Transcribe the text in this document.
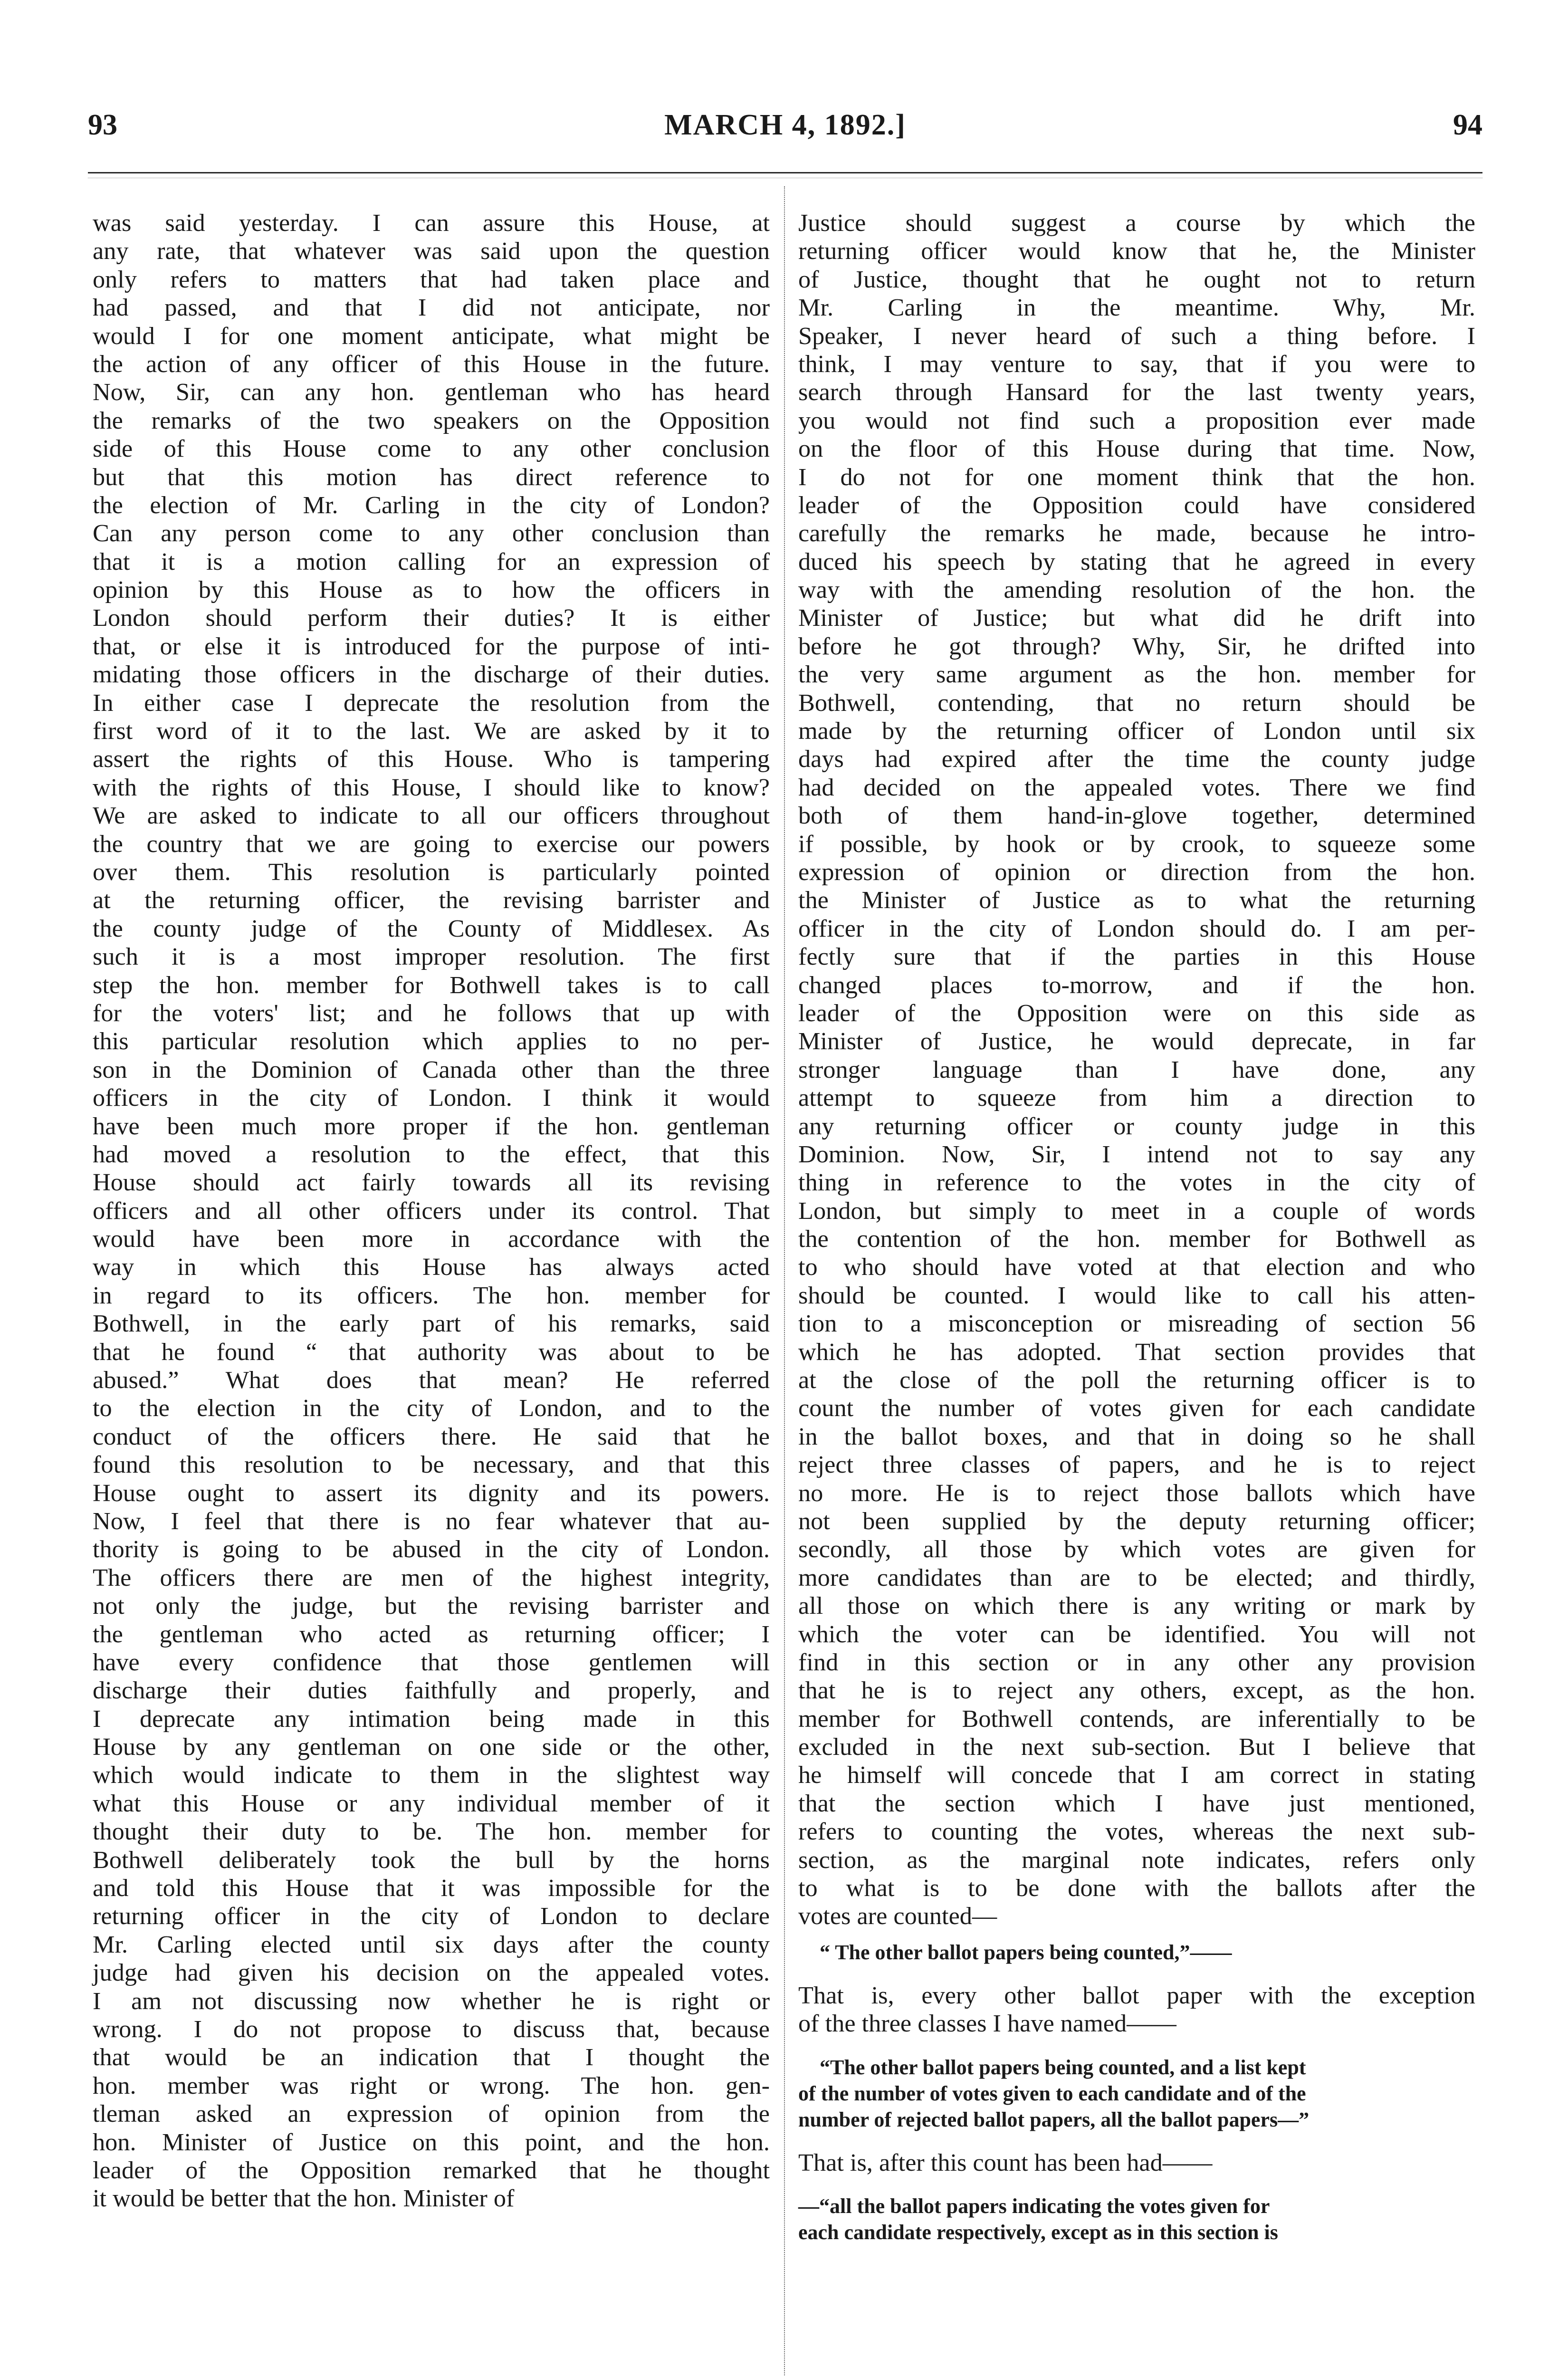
93	MARCH 4, 1892.]	94
was said yesterday. I can assure this House, at
any rate, that whatever was said upon the question
only refers to matters that had taken place and
had passed, and that I did not anticipate, nor
would I for one moment anticipate, what might be
the action of any officer of this House in the future.
Now, Sir, can any hon. gentleman who has heard
the remarks of the two speakers on the Opposition
side of this House come to any other conclusion
but that this motion has direct reference to
the election of Mr. Carling in the city of London?
Can any person come to any other conclusion than
that it is a motion calling for an expression of
opinion by this House as to how the officers in
London should perform their duties? It is either
that, or else it is introduced for the purpose of inti-
midating those officers in the discharge of their duties.
In either case I deprecate the resolution from the
first word of it to the last. We are asked by it to
assert the rights of this House. Who is tampering
with the rights of this House, I should like to know?
We are asked to indicate to all our officers throughout
the country that we are going to exercise our powers
over them. This resolution is particularly pointed
at the returning officer, the revising barrister and
the county judge of the County of Middlesex. As
such it is a most improper resolution. The first
step the hon. member for Bothwell takes is to call
for the voters' list; and he follows that up with
this particular resolution which applies to no per-
son in the Dominion of Canada other than the three
officers in the city of London. I think it would
have been much more proper if the hon. gentleman
had moved a resolution to the effect, that this
House should act fairly towards all its revising
officers and all other officers under its control. That
would have been more in accordance with the
way in which this House has always acted
in regard to its officers. The hon. member for
Bothwell, in the early part of his remarks, said
that he found “ that authority was about to be
abused.” What does that mean? He referred
to the election in the city of London, and to the
conduct of the officers there. He said that he
found this resolution to be necessary, and that this
House ought to assert its dignity and its powers.
Now, I feel that there is no fear whatever that au-
thority is going to be abused in the city of London.
The officers there are men of the highest integrity,
not only the judge, but the revising barrister and
the gentleman who acted as returning officer; I
have every confidence that those gentlemen will
discharge their duties faithfully and properly, and
I deprecate any intimation being made in this
House by any gentleman on one side or the other,
which would indicate to them in the slightest way
what this House or any individual member of it
thought their duty to be. The hon. member for
Bothwell deliberately took the bull by the horns
and told this House that it was impossible for the
returning officer in the city of London to declare
Mr. Carling elected until six days after the county
judge had given his decision on the appealed votes.
I am not discussing now whether he is right or
wrong. I do not propose to discuss that, because
that would be an indication that I thought the
hon. member was right or wrong. The hon. gen-
tleman asked an expression of opinion from the
hon. Minister of Justice on this point, and the hon.
leader of the Opposition remarked that he thought
it would be better that the hon. Minister of
Justice should suggest a course by which the
returning officer would know that he, the Minister
of Justice, thought that he ought not to return
Mr. Carling in the meantime. Why, Mr.
Speaker, I never heard of such a thing before. I
think, I may venture to say, that if you were to
search through Hansard for the last twenty years,
you would not find such a proposition ever made
on the floor of this House during that time. Now,
I do not for one moment think that the hon.
leader of the Opposition could have considered
carefully the remarks he made, because he intro-
duced his speech by stating that he agreed in every
way with the amending resolution of the hon. the
Minister of Justice; but what did he drift into
before he got through? Why, Sir, he drifted into
the very same argument as the hon. member for
Bothwell, contending, that no return should be
made by the returning officer of London until six
days had expired after the time the county judge
had decided on the appealed votes. There we find
both of them hand-in-glove together, determined
if possible, by hook or by crook, to squeeze some
expression of opinion or direction from the hon.
the Minister of Justice as to what the returning
officer in the city of London should do. I am per-
fectly sure that if the parties in this House
changed places to-morrow, and if the hon.
leader of the Opposition were on this side as
Minister of Justice, he would deprecate, in far
stronger language than I have done, any
attempt to squeeze from him a direction to
any returning officer or county judge in this
Dominion. Now, Sir, I intend not to say any
thing in reference to the votes in the city of
London, but simply to meet in a couple of words
the contention of the hon. member for Bothwell as
to who should have voted at that election and who
should be counted. I would like to call his atten-
tion to a misconception or misreading of section 56
which he has adopted. That section provides that
at the close of the poll the returning officer is to
count the number of votes given for each candidate
in the ballot boxes, and that in doing so he shall
reject three classes of papers, and he is to reject
no more. He is to reject those ballots which have
not been supplied by the deputy returning officer;
secondly, all those by which votes are given for
more candidates than are to be elected; and thirdly,
all those on which there is any writing or mark by
which the voter can be identified. You will not
find in this section or in any other any provision
that he is to reject any others, except, as the hon.
member for Bothwell contends, are inferentially to be
excluded in the next sub-section. But I believe that
he himself will concede that I am correct in stating
that the section which I have just mentioned,
refers to counting the votes, whereas the next sub-
section, as the marginal note indicates, refers only
to what is to be done with the ballots after the
votes are counted—
“ The other ballot papers being counted,”——
That is, every other ballot paper with the exception
of the three classes I have named——
“The other ballot papers being counted, and a list kept
of the number of votes given to each candidate and of the
number of rejected ballot papers, all the ballot papers—”
That is, after this count has been had——
—“all the ballot papers indicating the votes given for
each candidate respectively, except as in this section is
